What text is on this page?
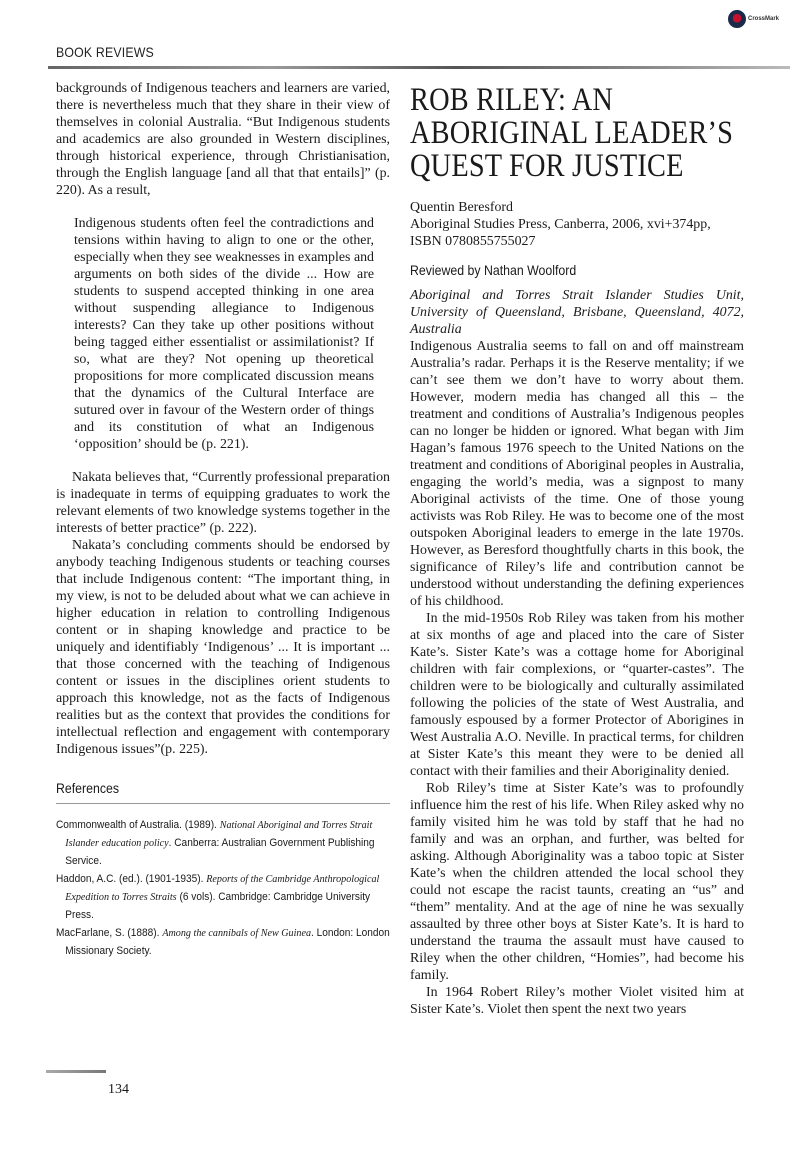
CrossMark
BOOK REVIEWS

backgrounds of Indigenous teachers and learners are varied, there is nevertheless much that they share in their view of themselves in colonial Australia. “But Indigenous students and academics are also grounded in Western disciplines, through historical experience, through Christianisation, through the English language [and all that that entails]” (p. 220). As a result,

Indigenous students often feel the contradictions and tensions within having to align to one or the other, especially when they see weaknesses in examples and arguments on both sides of the divide ... How are students to suspend accepted thinking in one area without suspending allegiance to Indigenous interests? Can they take up other positions without being tagged either essentialist or assimilationist? If so, what are they? Not opening up theoretical propositions for more complicated discussion means that the dynamics of the Cultural Interface are sutured over in favour of the Western order of things and its constitution of what an Indigenous ‘opposition’ should be (p. 221).

Nakata believes that, “Currently professional preparation is inadequate in terms of equipping graduates to work the relevant elements of two knowledge systems together in the interests of better practice” (p. 222).

Nakata’s concluding comments should be endorsed by anybody teaching Indigenous students or teaching courses that include Indigenous content: “The important thing, in my view, is not to be deluded about what we can achieve in higher education in relation to controlling Indigenous content or in shaping knowledge and practice to be uniquely and identifiably ‘Indigenous’ ... It is important ... that those concerned with the teaching of Indigenous content or issues in the disciplines orient students to approach this knowledge, not as the facts of Indigenous realities but as the context that provides the conditions for intellectual reflection and engagement with contemporary Indigenous issues”(p. 225).

References
Commonwealth of Australia. (1989). National Aboriginal and Torres Strait Islander education policy. Canberra: Australian Government Publishing Service.
Haddon, A.C. (ed.). (1901-1935). Reports of the Cambridge Anthropological Expedition to Torres Straits (6 vols). Cambridge: Cambridge University Press.
MacFarlane, S. (1888). Among the cannibals of New Guinea. London: London Missionary Society.
ROB RILEY: AN ABORIGINAL LEADER’S QUEST FOR JUSTICE

Quentin Beresford

Aboriginal Studies Press, Canberra, 2006, xvi+374pp, ISBN 0780855755027

Reviewed by Nathan Woolford

Aboriginal and Torres Strait Islander Studies Unit, University of Queensland, Brisbane, Queensland, 4072, Australia

Indigenous Australia seems to fall on and off mainstream Australia’s radar. Perhaps it is the Reserve mentality; if we can’t see them we don’t have to worry about them. However, modern media has changed all this – the treatment and conditions of Australia’s Indigenous peoples can no longer be hidden or ignored. What began with Jim Hagan’s famous 1976 speech to the United Nations on the treatment and conditions of Aboriginal peoples in Australia, engaging the world’s media, was a signpost to many Aboriginal activists of the time. One of those young activists was Rob Riley. He was to become one of the most outspoken Aboriginal leaders to emerge in the late 1970s. However, as Beresford thoughtfully charts in this book, the significance of Riley’s life and contribution cannot be understood without understanding the defining experiences of his childhood.

In the mid-1950s Rob Riley was taken from his mother at six months of age and placed into the care of Sister Kate’s. Sister Kate’s was a cottage home for Aboriginal children with fair complexions, or “quarter-castes”. The children were to be biologically and culturally assimilated following the policies of the state of West Australia, and famously espoused by a former Protector of Aborigines in West Australia A.O. Neville. In practical terms, for children at Sister Kate’s this meant they were to be denied all contact with their families and their Aboriginality denied.

Rob Riley’s time at Sister Kate’s was to profoundly influence him the rest of his life. When Riley asked why no family visited him he was told by staff that he had no family and was an orphan, and further, was belted for asking. Although Aboriginality was a taboo topic at Sister Kate’s when the children attended the local school they could not escape the racist taunts, creating an “us” and “them” mentality. And at the age of nine he was sexually assaulted by three other boys at Sister Kate’s. It is hard to understand the trauma the assault must have caused to Riley when the other children, “Homies”, had become his family.

In 1964 Robert Riley’s mother Violet visited him at Sister Kate’s. Violet then spent the next two years

134
